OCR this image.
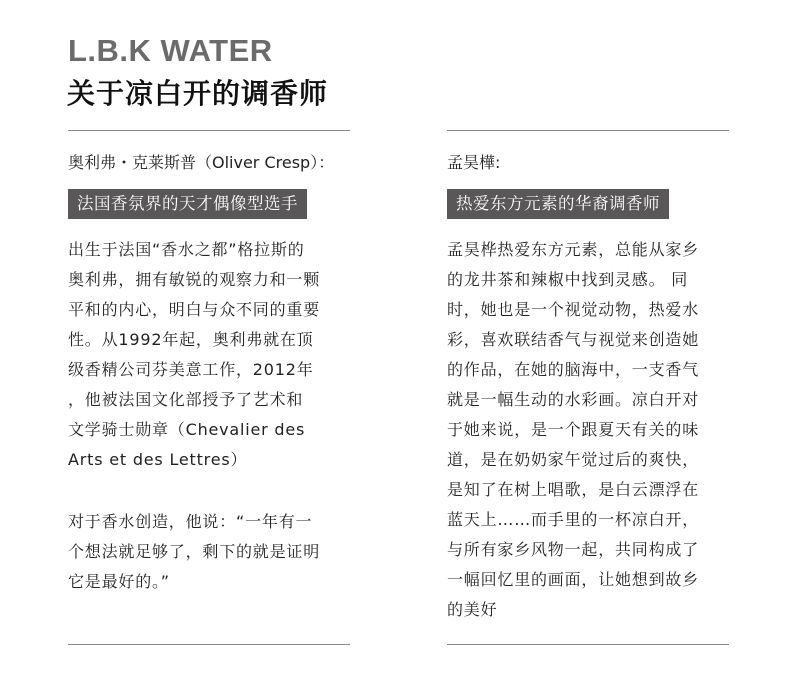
L.B.K WATER
关于凉白开的调香师
奥利弗・克莱斯普（Oliver Cresp）：
法国香氛界的天才偶像型选手
出生于法国“香水之都”格拉斯的
奥利弗，拥有敏锐的观察力和一颗
平和的内心，明白与众不同的重要
性。从1992年起，奥利弗就在顶
级香精公司芬美意工作，2012年
，他被法国文化部授予了艺术和
文学骑士勋章（Chevalier des
Arts et des Lettres）
对于香水创造，他说：“一年有一
个想法就足够了，剩下的就是证明
它是最好的。”
孟昊樺:
热爱东方元素的华裔调香师
孟昊桦热爱东方元素，总能从家乡
的龙井茶和辣椒中找到灵感。 同
时，她也是一个视觉动物，热爱水
彩，喜欢联结香气与视觉来创造她
的作品，在她的脑海中，一支香气
就是一幅生动的水彩画。凉白开对
于她来说，是一个跟夏天有关的味
道，是在奶奶家午觉过后的爽快，
是知了在树上唱歌，是白云漂浮在
蓝天上……而手里的一杯凉白开，
与所有家乡风物一起，共同构成了
一幅回忆里的画面，让她想到故乡
的美好
